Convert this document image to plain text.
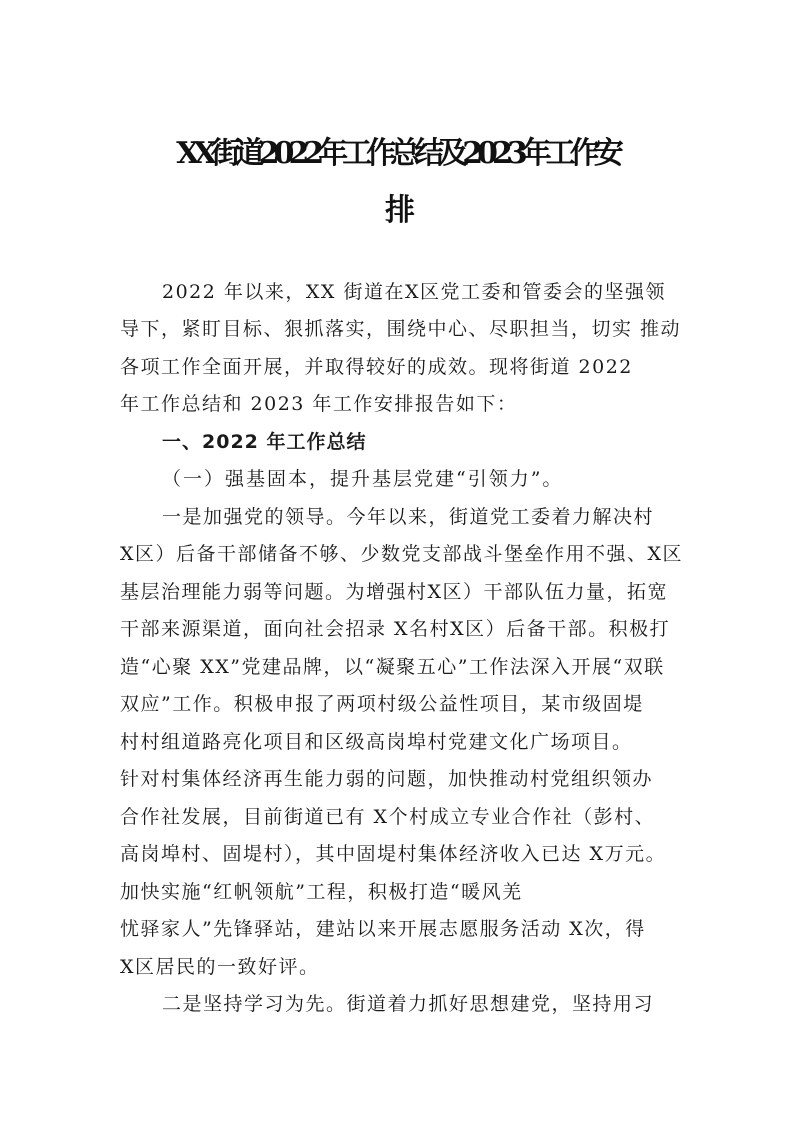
XX街道2022年工作总结及2023年工作安
排
2022 年以来，XX 街道在X区党工委和管委会的坚强领
导下，紧盯目标、狠抓落实，围绕中心、尽职担当，切实 推动
各项工作全面开展，并取得较好的成效。现将街道 2022
年工作总结和 2023 年工作安排报告如下：
一、2022 年工作总结
（一）强基固本，提升基层党建“引领力”。
一是加强党的领导。今年以来，街道党工委着力解决村
X区）后备干部储备不够、少数党支部战斗堡垒作用不强、X区
基层治理能力弱等问题。为增强村X区）干部队伍力量，拓宽
干部来源渠道，面向社会招录 X名村X区）后备干部。积极打
造“心聚 XX”党建品牌，以“凝聚五心”工作法深入开展“双联
双应”工作。积极申报了两项村级公益性项目，某市级固堤
村村组道路亮化项目和区级高岗埠村党建文化广场项目。
针对村集体经济再生能力弱的问题，加快推动村党组织领办
合作社发展，目前街道已有 X个村成立专业合作社（彭村、
高岗埠村、固堤村），其中固堤村集体经济收入已达 X万元。
加快实施“红帆领航”工程，积极打造“暖风羌
忧驿家人”先锋驿站，建站以来开展志愿服务活动 X次，得
X区居民的一致好评。
二是坚持学习为先。街道着力抓好思想建党，坚持用习
